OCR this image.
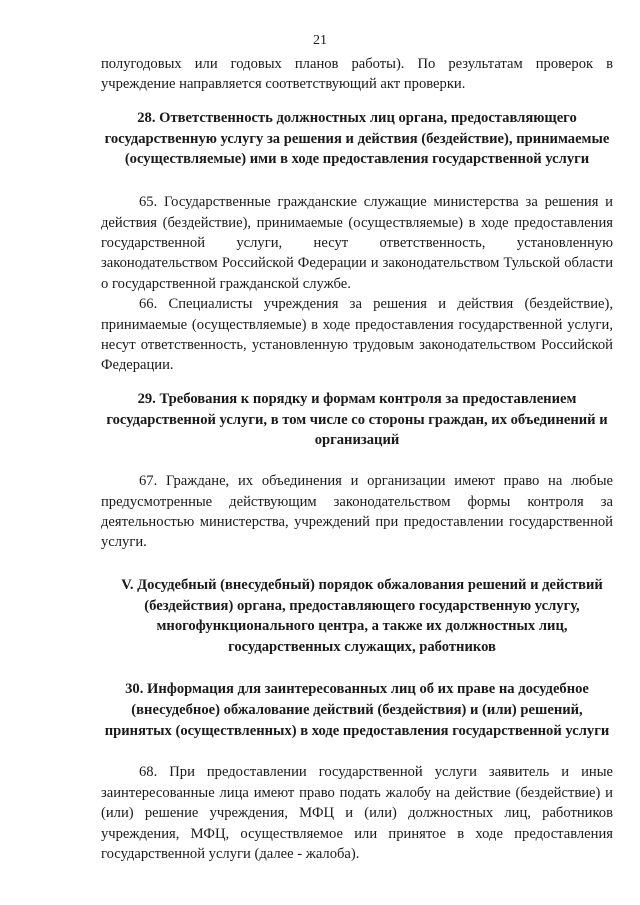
21

полугодовых или годовых планов работы). По результатам проверок в учреждение направляется соответствующий акт проверки.

28. Ответственность должностных лиц органа, предоставляющего государственную услугу за решения и действия (бездействие), принимаемые (осуществляемые) ими в ходе предоставления государственной услуги

65. Государственные гражданские служащие министерства за решения и действия (бездействие), принимаемые (осуществляемые) в ходе предоставления государственной услуги, несут ответственность, установленную законодательством Российской Федерации и законодательством Тульской области о государственной гражданской службе.

66. Специалисты учреждения за решения и действия (бездействие), принимаемые (осуществляемые) в ходе предоставления государственной услуги, несут ответственность, установленную трудовым законодательством Российской Федерации.

29. Требования к порядку и формам контроля за предоставлением государственной услуги, в том числе со стороны граждан, их объединений и организаций

67. Граждане, их объединения и организации имеют право на любые предусмотренные действующим законодательством формы контроля за деятельностью министерства, учреждений при предоставлении государственной услуги.

V. Досудебный (внесудебный) порядок обжалования решений и действий (бездействия) органа, предоставляющего государственную услугу, многофункционального центра, а также их должностных лиц, государственных служащих, работников

30. Информация для заинтересованных лиц об их праве на досудебное (внесудебное) обжалование действий (бездействия) и (или) решений, принятых (осуществленных) в ходе предоставления государственной услуги

68. При предоставлении государственной услуги заявитель и иные заинтересованные лица имеют право подать жалобу на действие (бездействие) и (или) решение учреждения, МФЦ и (или) должностных лиц, работников учреждения, МФЦ, осуществляемое или принятое в ходе предоставления государственной услуги (далее - жалоба).
